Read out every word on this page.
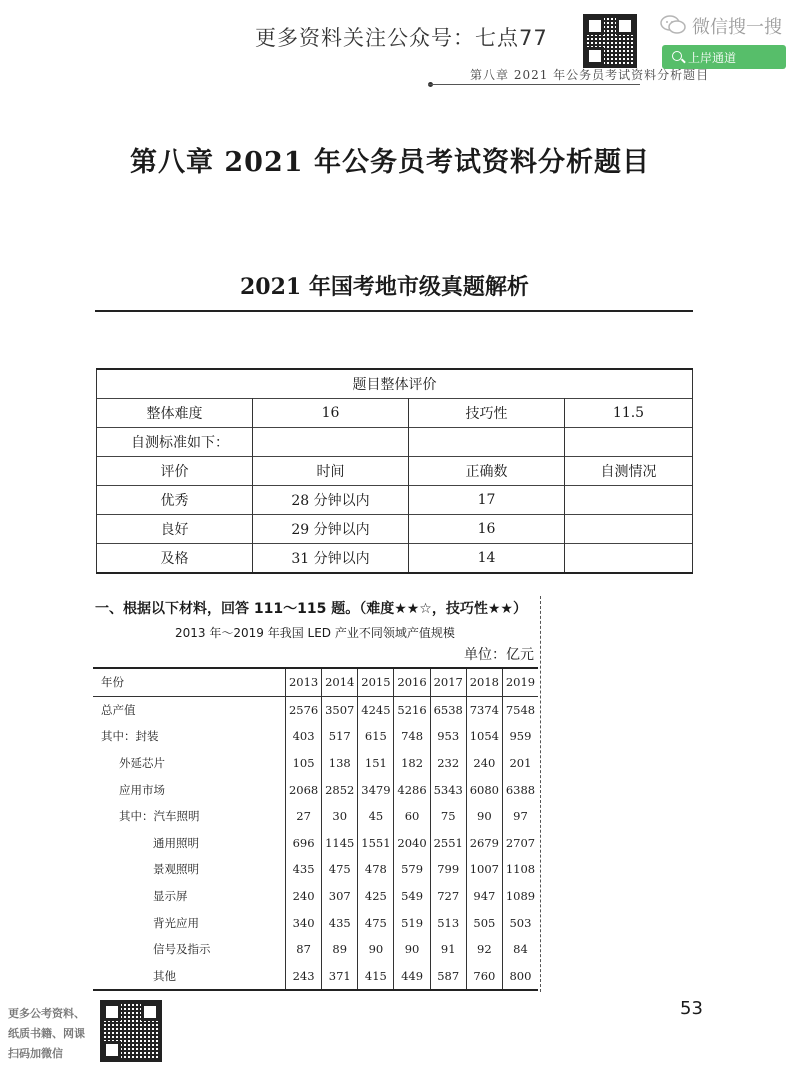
更多资料关注公众号：七点77	微信搜一搜
上岸通道
第八章 2021 年公务员考试资料分析题目
第八章 2021 年公务员考试资料分析题目
2021 年国考地市级真题解析
题目整体评价			
整体难度	16	技巧性	11.5
自测标准如下：			
评价	时间	正确数	自测情况
优秀	28 分钟以内	17	
良好	29 分钟以内	16	
及格	31 分钟以内	14	
一、根据以下材料，回答 111～115 题。（难度★★☆，技巧性★★）
2013 年～2019 年我国 LED 产业不同领域产值规模
单位：亿元
年份	2013	2014	2015	2016	2017	2018	2019
总产值	2576	3507	4245	5216	6538	7374	7548
其中：封装	403	517	615	748	953	1054	959
外延芯片	105	138	151	182	232	240	201
应用市场	2068	2852	3479	4286	5343	6080	6388
其中：汽车照明	27	30	45	60	75	90	97
通用照明	696	1145	1551	2040	2551	2679	2707
景观照明	435	475	478	579	799	1007	1108
显示屏	240	307	425	549	727	947	1089
背光应用	340	435	475	519	513	505	503
信号及指示	87	89	90	90	91	92	84
其他	243	371	415	449	587	760	800
53
更多公考资料、
纸质书籍、网课
扫码加微信
